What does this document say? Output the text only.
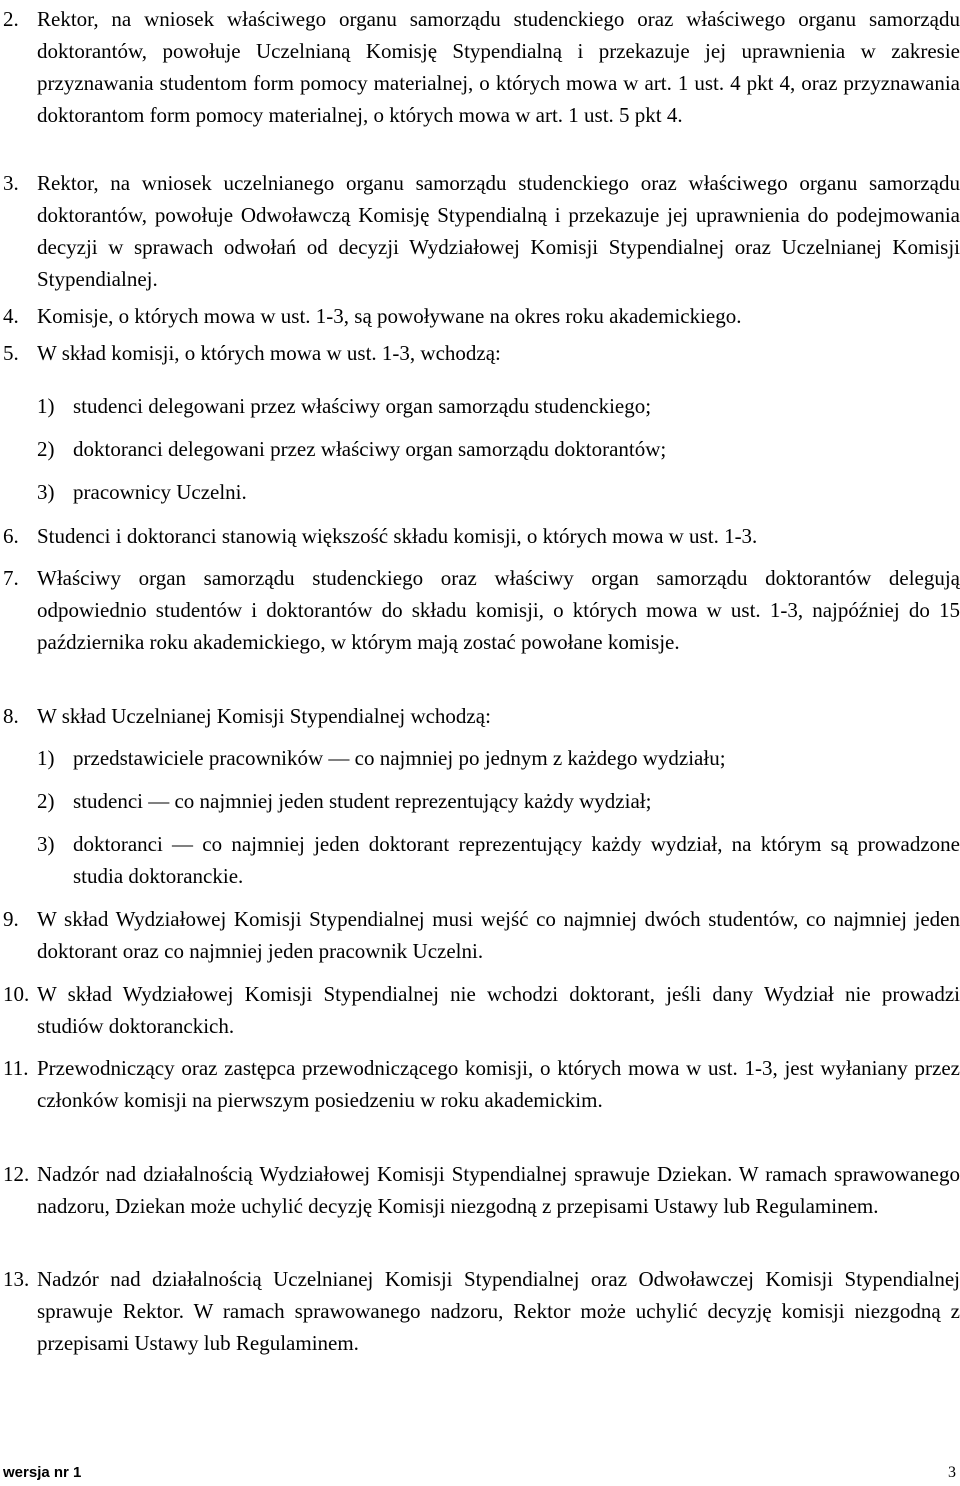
2. Rektor, na wniosek właściwego organu samorządu studenckiego oraz właściwego organu samorządu doktorantów, powołuje Uczelnianą Komisję Stypendialną i przekazuje jej uprawnienia w zakresie przyznawania studentom form pomocy materialnej, o których mowa w art. 1 ust. 4 pkt 4, oraz przyznawania doktorantom form pomocy materialnej, o których mowa w art. 1 ust. 5 pkt 4.

3. Rektor, na wniosek uczelnianego organu samorządu studenckiego oraz właściwego organu samorządu doktorantów, powołuje Odwoławczą Komisję Stypendialną i przekazuje jej uprawnienia do podejmowania decyzji w sprawach odwołań od decyzji Wydziałowej Komisji Stypendialnej oraz Uczelnianej Komisji Stypendialnej.

4. Komisje, o których mowa w ust. 1-3, są powoływane na okres roku akademickiego.

5. W skład komisji, o których mowa w ust. 1-3, wchodzą:

1) studenci delegowani przez właściwy organ samorządu studenckiego;

2) doktoranci delegowani przez właściwy organ samorządu doktorantów;

3) pracownicy Uczelni.

6. Studenci i doktoranci stanowią większość składu komisji, o których mowa w ust. 1-3.

7. Właściwy organ samorządu studenckiego oraz właściwy organ samorządu doktorantów delegują odpowiednio studentów i doktorantów do składu komisji, o których mowa w ust. 1-3, najpóźniej do 15 października roku akademickiego, w którym mają zostać powołane komisje.

8. W skład Uczelnianej Komisji Stypendialnej wchodzą:

1) przedstawiciele pracowników — co najmniej po jednym z każdego wydziału;

2) studenci — co najmniej jeden student reprezentujący każdy wydział;

3) doktoranci — co najmniej jeden doktorant reprezentujący każdy wydział, na którym są prowadzone studia doktoranckie.

9. W skład Wydziałowej Komisji Stypendialnej musi wejść co najmniej dwóch studentów, co najmniej jeden doktorant oraz co najmniej jeden pracownik Uczelni.

10. W skład Wydziałowej Komisji Stypendialnej nie wchodzi doktorant, jeśli dany Wydział nie prowadzi studiów doktoranckich.

11. Przewodniczący oraz zastępca przewodniczącego komisji, o których mowa w ust. 1-3, jest wyłaniany przez członków komisji na pierwszym posiedzeniu w roku akademickim.

12. Nadzór nad działalnością Wydziałowej Komisji Stypendialnej sprawuje Dziekan. W ramach sprawowanego nadzoru, Dziekan może uchylić decyzję Komisji niezgodną z przepisami Ustawy lub Regulaminem.

13. Nadzór nad działalnością Uczelnianej Komisji Stypendialnej oraz Odwoławczej Komisji Stypendialnej sprawuje Rektor. W ramach sprawowanego nadzoru, Rektor może uchylić decyzję komisji niezgodną z przepisami Ustawy lub Regulaminem.

wersja nr 1	3
